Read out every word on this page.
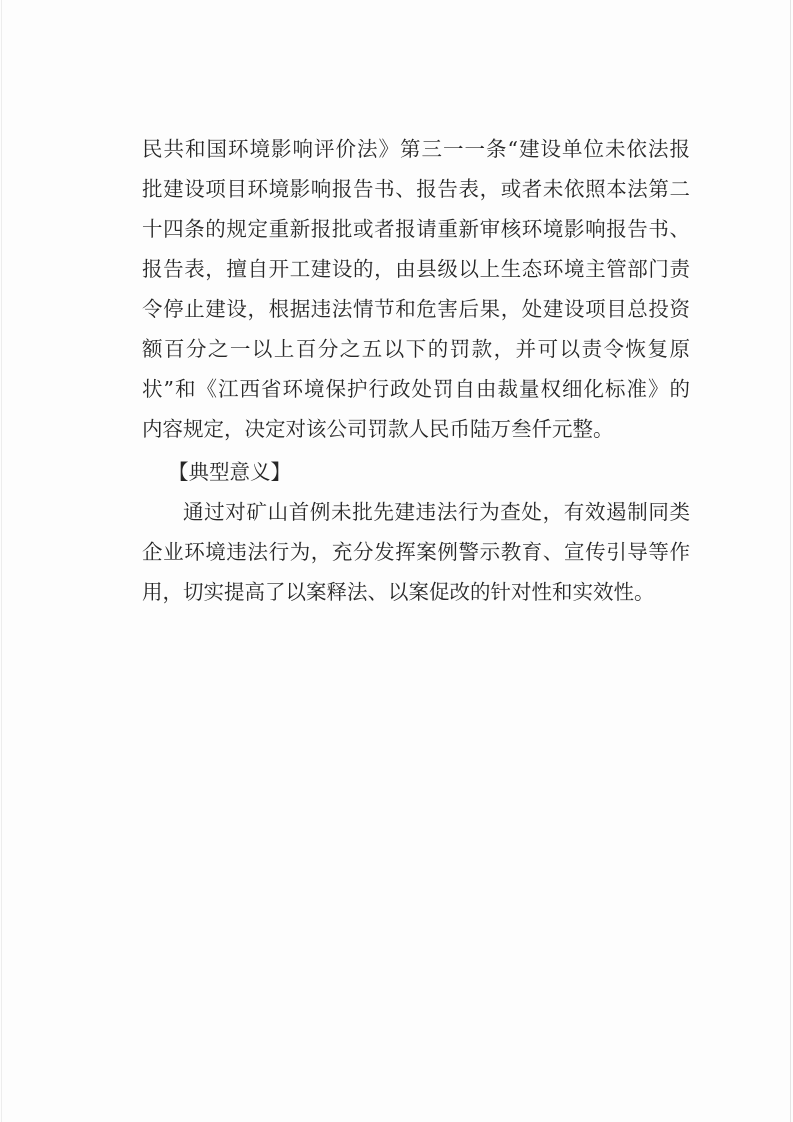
民共和国环境影响评价法》第三一一条“建设单位未依法报
批建设项目环境影响报告书、报告表，或者未依照本法第二
十四条的规定重新报批或者报请重新审核环境影响报告书、
报告表，擅自开工建设的，由县级以上生态环境主管部门责
令停止建设，根据违法情节和危害后果，处建设项目总投资
额百分之一以上百分之五以下的罚款，并可以责令恢复原
状”和《江西省环境保护行政处罚自由裁量权细化标准》的
内容规定，决定对该公司罚款人民币陆万叁仟元整。
【典型意义】
通过对矿山首例未批先建违法行为查处，有效遏制同类
企业环境违法行为，充分发挥案例警示教育、宣传引导等作
用，切实提高了以案释法、以案促改的针对性和实效性。
